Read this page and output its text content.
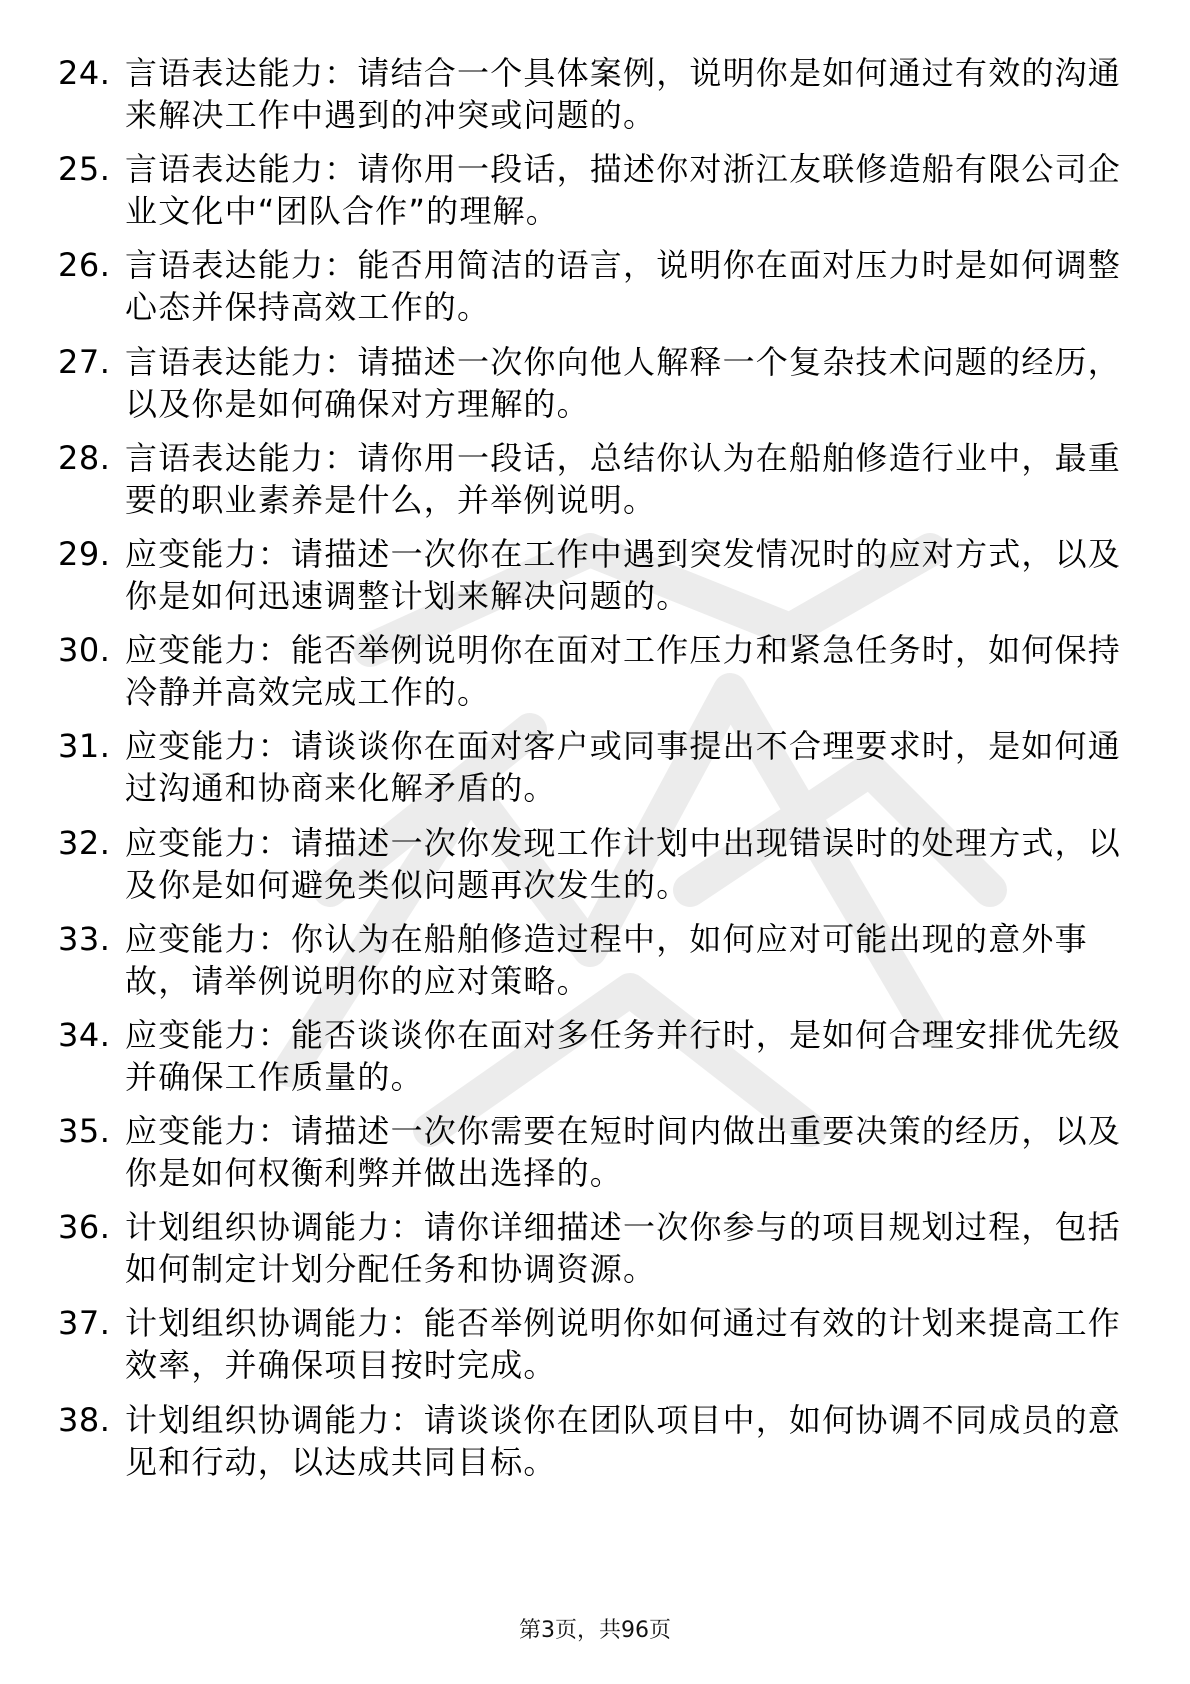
24. 言语表达能力：请结合一个具体案例，说明你是如何通过有效的沟通来解决工作中遇到的冲突或问题的。
25. 言语表达能力：请你用一段话，描述你对浙江友联修造船有限公司企业文化中“团队合作”的理解。
26. 言语表达能力：能否用简洁的语言，说明你在面对压力时是如何调整心态并保持高效工作的。
27. 言语表达能力：请描述一次你向他人解释一个复杂技术问题的经历，以及你是如何确保对方理解的。
28. 言语表达能力：请你用一段话，总结你认为在船舶修造行业中，最重要的职业素养是什么，并举例说明。
29. 应变能力：请描述一次你在工作中遇到突发情况时的应对方式，以及你是如何迅速调整计划来解决问题的。
30. 应变能力：能否举例说明你在面对工作压力和紧急任务时，如何保持冷静并高效完成工作的。
31. 应变能力：请谈谈你在面对客户或同事提出不合理要求时，是如何通过沟通和协商来化解矛盾的。
32. 应变能力：请描述一次你发现工作计划中出现错误时的处理方式，以及你是如何避免类似问题再次发生的。
33. 应变能力：你认为在船舶修造过程中，如何应对可能出现的意外事故，请举例说明你的应对策略。
34. 应变能力：能否谈谈你在面对多任务并行时，是如何合理安排优先级并确保工作质量的。
35. 应变能力：请描述一次你需要在短时间内做出重要决策的经历，以及你是如何权衡利弊并做出选择的。
36. 计划组织协调能力：请你详细描述一次你参与的项目规划过程，包括如何制定计划分配任务和协调资源。
37. 计划组织协调能力：能否举例说明你如何通过有效的计划来提高工作效率，并确保项目按时完成。
38. 计划组织协调能力：请谈谈你在团队项目中，如何协调不同成员的意见和行动，以达成共同目标。
第3页，共96页
